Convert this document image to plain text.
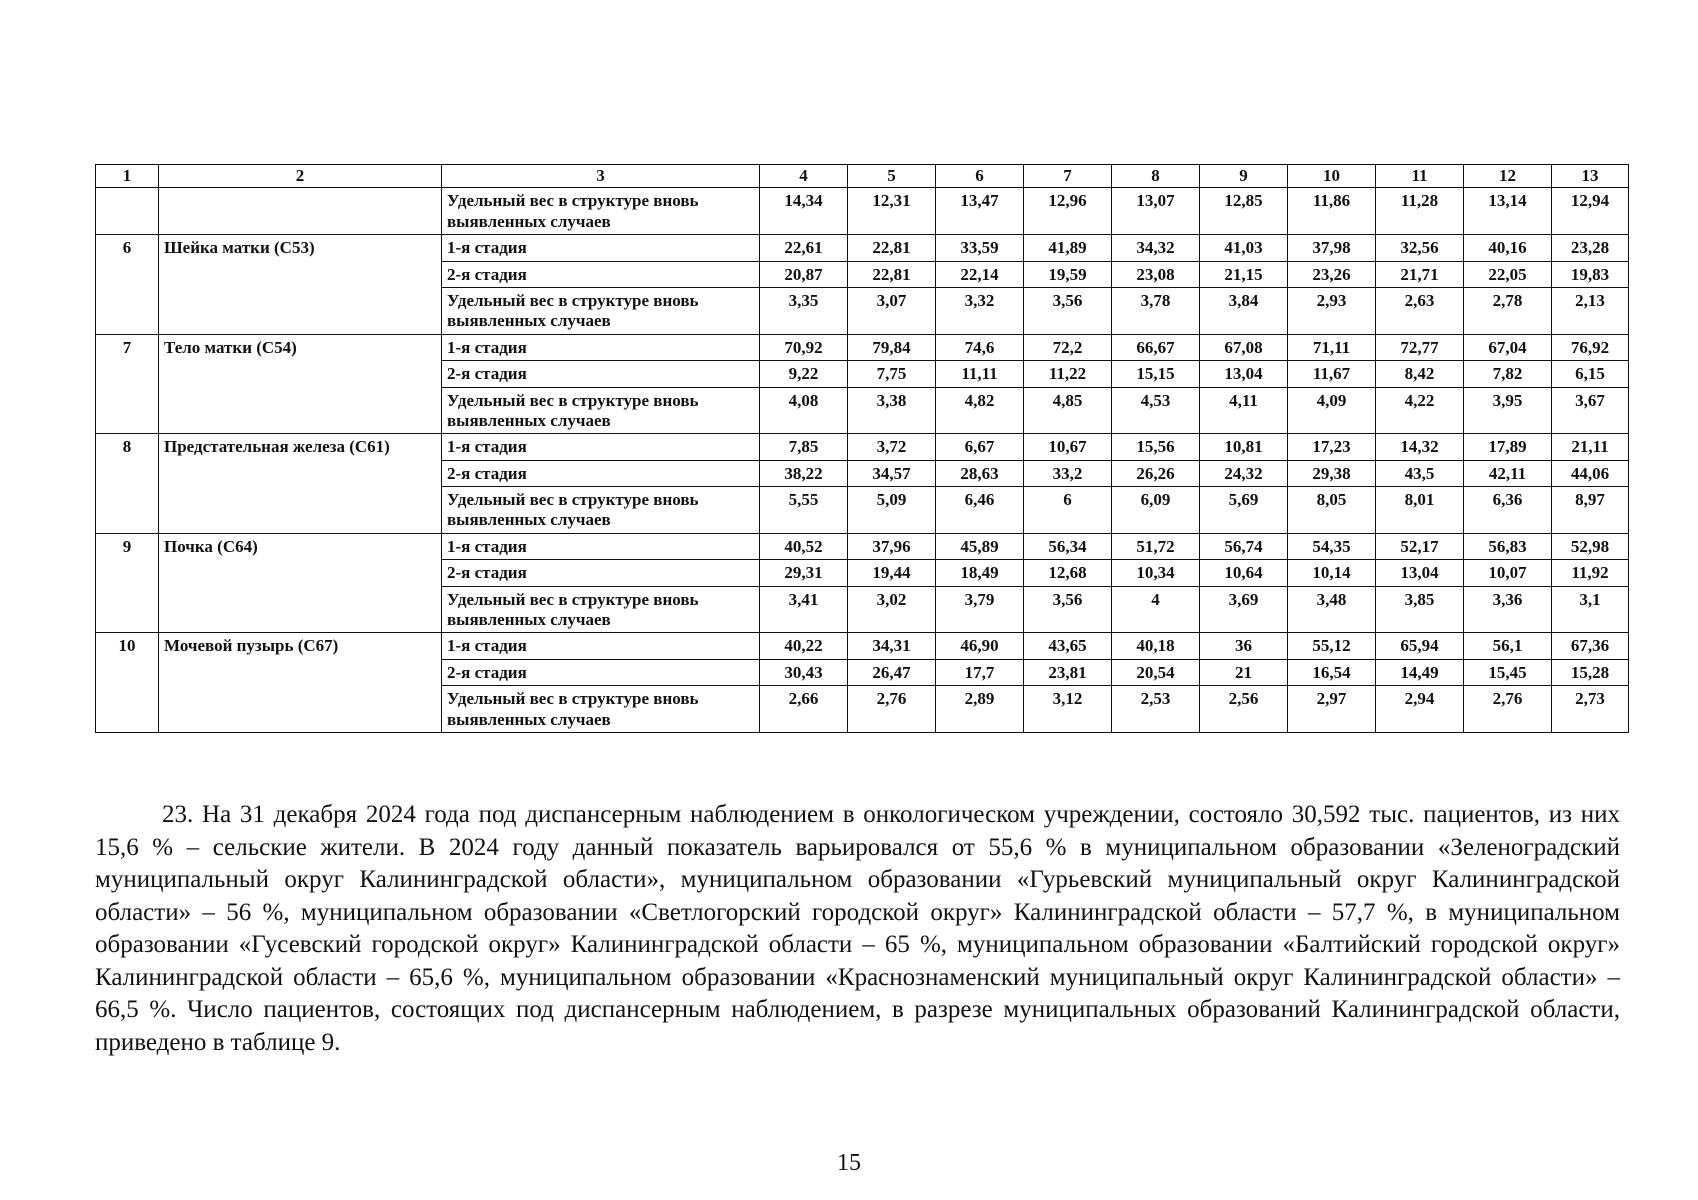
1	2	3	4	5	6	7	8	9	10	11	12	13
		Удельный вес в структуре вновь выявленных случаев	14,34	12,31	13,47	12,96	13,07	12,85	11,86	11,28	13,14	12,94
6	Шейка матки (С53)	1-я стадия	22,61	22,81	33,59	41,89	34,32	41,03	37,98	32,56	40,16	23,28
		2-я стадия	20,87	22,81	22,14	19,59	23,08	21,15	23,26	21,71	22,05	19,83
		Удельный вес в структуре вновь выявленных случаев	3,35	3,07	3,32	3,56	3,78	3,84	2,93	2,63	2,78	2,13
7	Тело матки (С54)	1-я стадия	70,92	79,84	74,6	72,2	66,67	67,08	71,11	72,77	67,04	76,92
		2-я стадия	9,22	7,75	11,11	11,22	15,15	13,04	11,67	8,42	7,82	6,15
		Удельный вес в структуре вновь выявленных случаев	4,08	3,38	4,82	4,85	4,53	4,11	4,09	4,22	3,95	3,67
8	Предстательная железа (С61)	1-я стадия	7,85	3,72	6,67	10,67	15,56	10,81	17,23	14,32	17,89	21,11
		2-я стадия	38,22	34,57	28,63	33,2	26,26	24,32	29,38	43,5	42,11	44,06
		Удельный вес в структуре вновь выявленных случаев	5,55	5,09	6,46	6	6,09	5,69	8,05	8,01	6,36	8,97
9	Почка (С64)	1-я стадия	40,52	37,96	45,89	56,34	51,72	56,74	54,35	52,17	56,83	52,98
		2-я стадия	29,31	19,44	18,49	12,68	10,34	10,64	10,14	13,04	10,07	11,92
		Удельный вес в структуре вновь выявленных случаев	3,41	3,02	3,79	3,56	4	3,69	3,48	3,85	3,36	3,1
10	Мочевой пузырь (С67)	1-я стадия	40,22	34,31	46,90	43,65	40,18	36	55,12	65,94	56,1	67,36
		2-я стадия	30,43	26,47	17,7	23,81	20,54	21	16,54	14,49	15,45	15,28
		Удельный вес в структуре вновь выявленных случаев	2,66	2,76	2,89	3,12	2,53	2,56	2,97	2,94	2,76	2,73

23. На 31 декабря 2024 года под диспансерным наблюдением в онкологическом учреждении, состояло 30,592 тыс. пациентов, из них 15,6 % – сельские жители. В 2024 году данный показатель варьировался от 55,6 % в муниципальном образовании «Зеленоградский муниципальный округ Калининградской области», муниципальном образовании «Гурьевский муниципальный округ Калининградской области» – 56 %, муниципальном образовании «Светлогорский городской округ» Калининградской области – 57,7 %, в муниципальном образовании «Гусевский городской округ» Калининградской области – 65 %, муниципальном образовании «Балтийский городской округ» Калининградской области – 65,6 %, муниципальном образовании «Краснознаменский муниципальный округ Калининградской области» – 66,5 %. Число пациентов, состоящих под диспансерным наблюдением, в разрезе муниципальных образований Калининградской области, приведено в таблице 9.

15
